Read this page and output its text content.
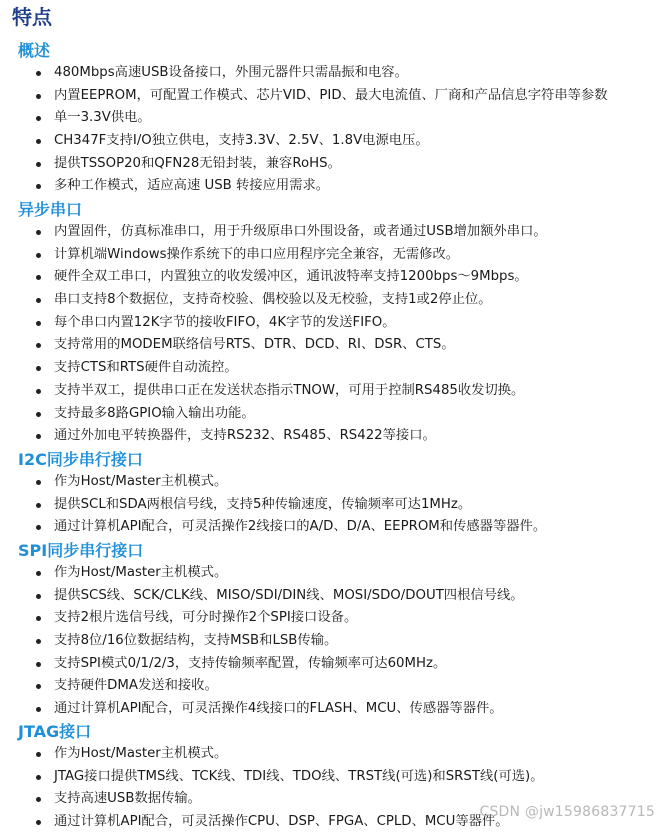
特点
概述
480Mbps高速USB设备接口，外围元器件只需晶振和电容。
内置EEPROM，可配置工作模式、芯片VID、PID、最大电流值、厂商和产品信息字符串等参数
单一3.3V供电。
CH347F支持I/O独立供电，支持3.3V、2.5V、1.8V电源电压。
提供TSSOP20和QFN28无铅封装，兼容RoHS。
多种工作模式，适应高速 USB 转接应用需求。
异步串口
内置固件，仿真标准串口，用于升级原串口外围设备，或者通过USB增加额外串口。
计算机端Windows操作系统下的串口应用程序完全兼容，无需修改。
硬件全双工串口，内置独立的收发缓冲区，通讯波特率支持1200bps～9Mbps。
串口支持8个数据位，支持奇校验、偶校验以及无校验，支持1或2停止位。
每个串口内置12K字节的接收FIFO，4K字节的发送FIFO。
支持常用的MODEM联络信号RTS、DTR、DCD、RI、DSR、CTS。
支持CTS和RTS硬件自动流控。
支持半双工，提供串口正在发送状态指示TNOW，可用于控制RS485收发切换。
支持最多8路GPIO输入输出功能。
通过外加电平转换器件，支持RS232、RS485、RS422等接口。
I2C同步串行接口
作为Host/Master主机模式。
提供SCL和SDA两根信号线，支持5种传输速度，传输频率可达1MHz。
通过计算机API配合，可灵活操作2线接口的A/D、D/A、EEPROM和传感器等器件。
SPI同步串行接口
作为Host/Master主机模式。
提供SCS线、SCK/CLK线、MISO/SDI/DIN线、MOSI/SDO/DOUT四根信号线。
支持2根片选信号线，可分时操作2个SPI接口设备。
支持8位/16位数据结构，支持MSB和LSB传输。
支持SPI模式0/1/2/3，支持传输频率配置，传输频率可达60MHz。
支持硬件DMA发送和接收。
通过计算机API配合，可灵活操作4线接口的FLASH、MCU、传感器等器件。
JTAG接口
作为Host/Master主机模式。
JTAG接口提供TMS线、TCK线、TDI线、TDO线、TRST线(可选)和SRST线(可选)。
支持高速USB数据传输。
通过计算机API配合，可灵活操作CPU、DSP、FPGA、CPLD、MCU等器件。
CSDN @jw15986837715
